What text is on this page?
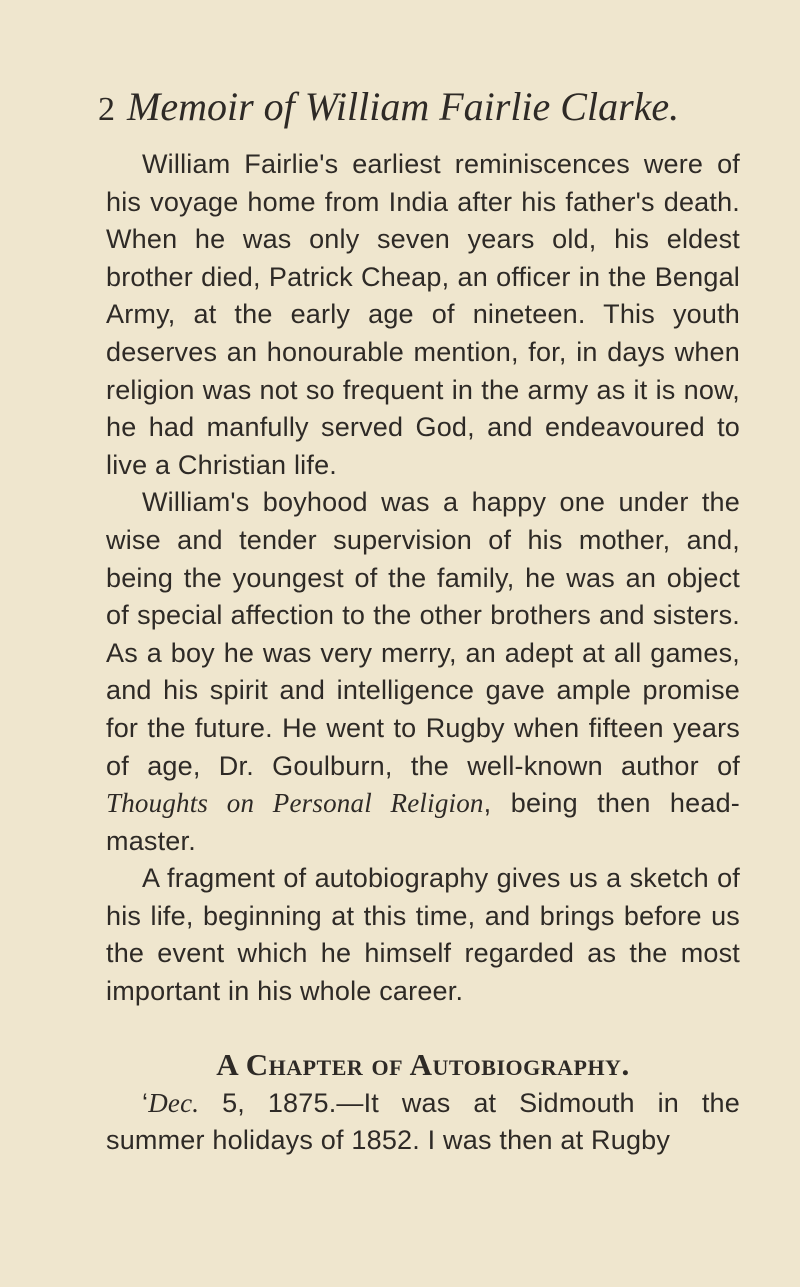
2 Memoir of William Fairlie Clarke.

William Fairlie's earliest reminiscences were of his voyage home from India after his father's death. When he was only seven years old, his eldest brother died, Patrick Cheap, an officer in the Bengal Army, at the early age of nineteen. This youth deserves an honourable mention, for, in days when religion was not so frequent in the army as it is now, he had manfully served God, and endeavoured to live a Christian life.

William's boyhood was a happy one under the wise and tender supervision of his mother, and, being the youngest of the family, he was an object of special affection to the other brothers and sisters. As a boy he was very merry, an adept at all games, and his spirit and intelligence gave ample promise for the future. He went to Rugby when fifteen years of age, Dr. Goulburn, the well-known author of Thoughts on Personal Religion, being then head-master.

A fragment of autobiography gives us a sketch of his life, beginning at this time, and brings before us the event which he himself regarded as the most important in his whole career.

A Chapter of Autobiography.

‘Dec. 5, 1875.—It was at Sidmouth in the summer holidays of 1852. I was then at Rugby
